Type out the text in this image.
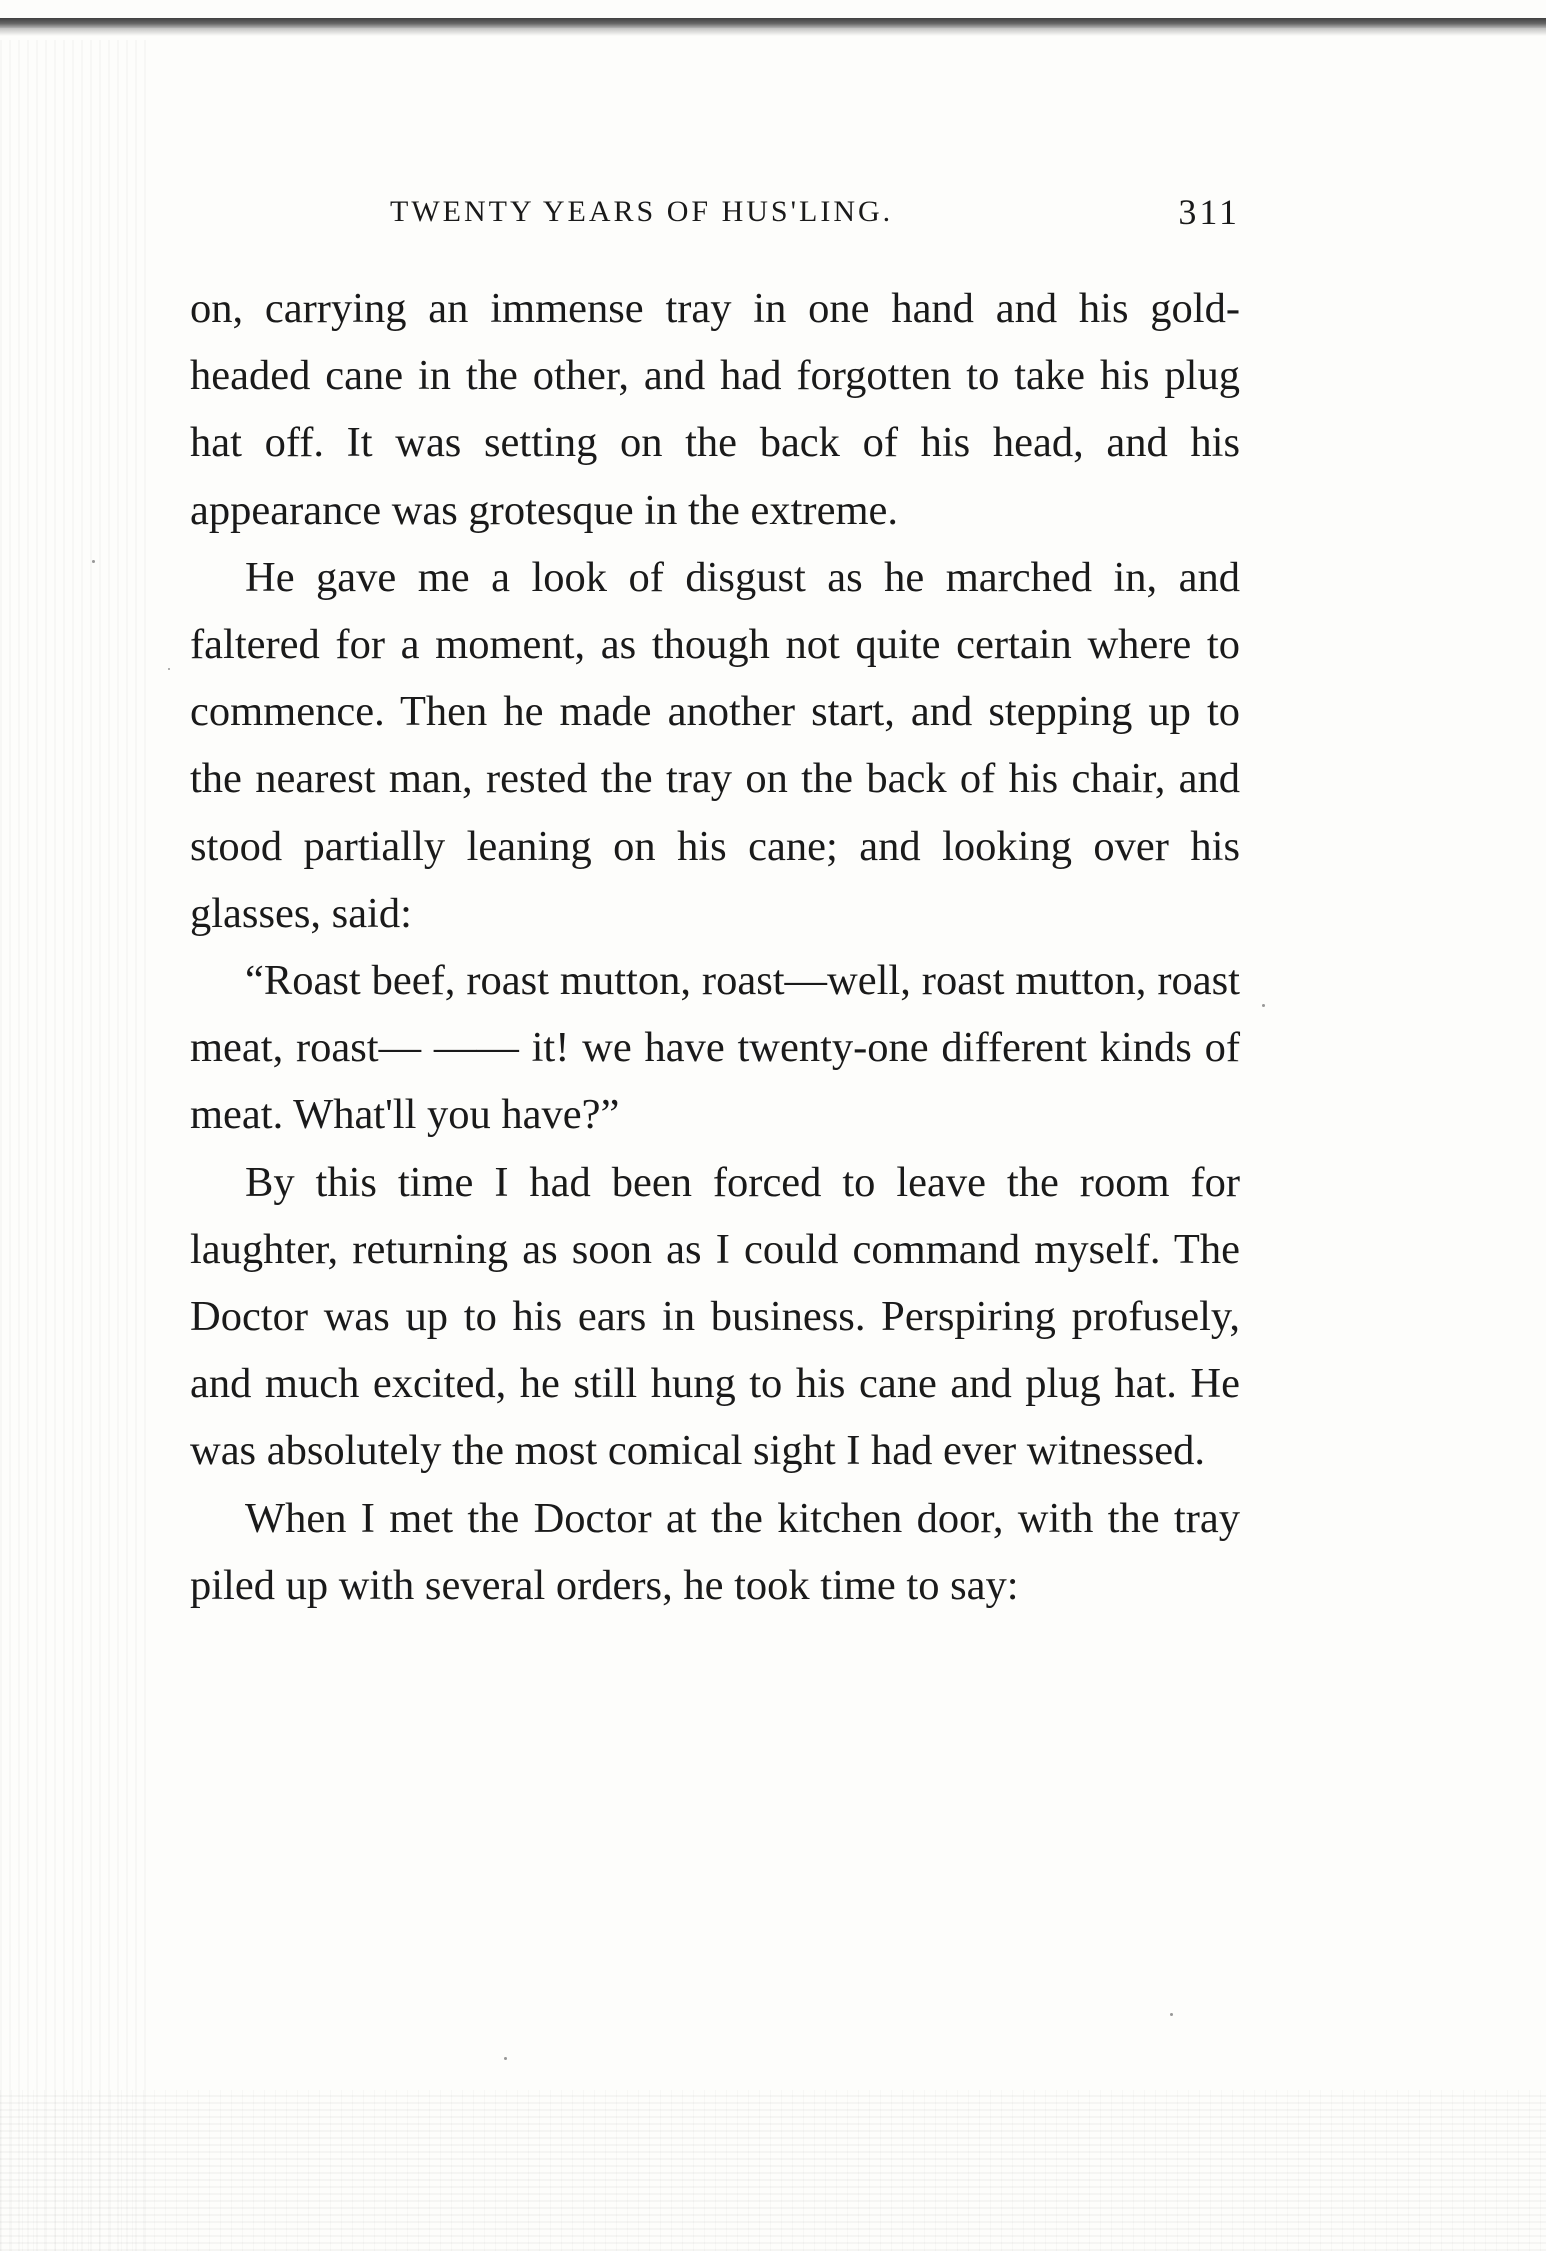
TWENTY YEARS OF HUS'LING.	311

on, carrying an immense tray in one hand and his gold-headed cane in the other, and had forgotten to take his plug hat off. It was setting on the back of his head, and his appearance was grotesque in the extreme.

He gave me a look of disgust as he marched in, and faltered for a moment, as though not quite certain where to commence. Then he made another start, and stepping up to the nearest man, rested the tray on the back of his chair, and stood partially leaning on his cane; and looking over his glasses, said:

“Roast beef, roast mutton, roast—well, roast mutton, roast meat, roast— —— it! we have twenty-one different kinds of meat. What'll you have?”

By this time I had been forced to leave the room for laughter, returning as soon as I could command myself. The Doctor was up to his ears in business. Perspiring profusely, and much excited, he still hung to his cane and plug hat. He was absolutely the most comical sight I had ever witnessed.

When I met the Doctor at the kitchen door, with the tray piled up with several orders, he took time to say:
